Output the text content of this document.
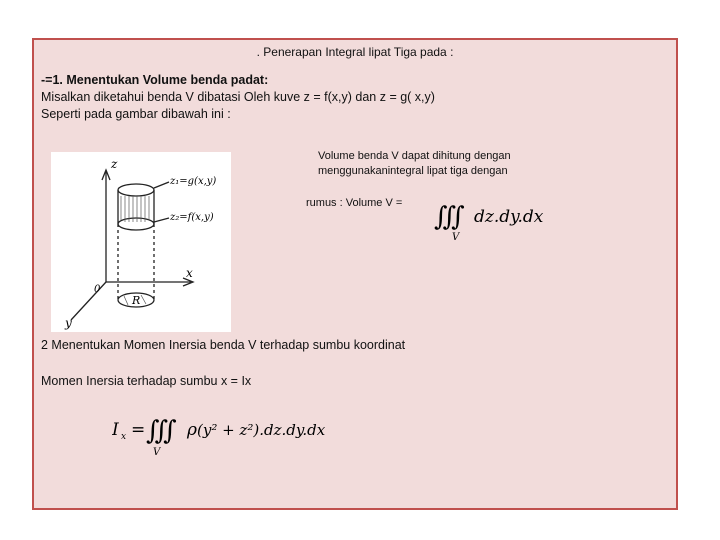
. Penerapan Integral lipat Tiga pada :
-=1. Menentukan Volume benda padat:
Misalkan diketahui benda V dibatasi Oleh kuve z = f(x,y) dan z = g( x,y)
Seperti pada gambar dibawah ini :
z
x
y
0
z₁=g(x,y)
z₂=f(x,y)
R
Volume benda V dapat dihitung dengan
menggunakanintegral lipat tiga dengan
rumus : Volume V = ∭ dz.dy.dx
V
2 Menentukan Momen Inersia benda V terhadap sumbu koordinat
Momen Inersia terhadap sumbu x = Ix
I x = ∭ ρ (y² + z²).dz.dy.dx
V
